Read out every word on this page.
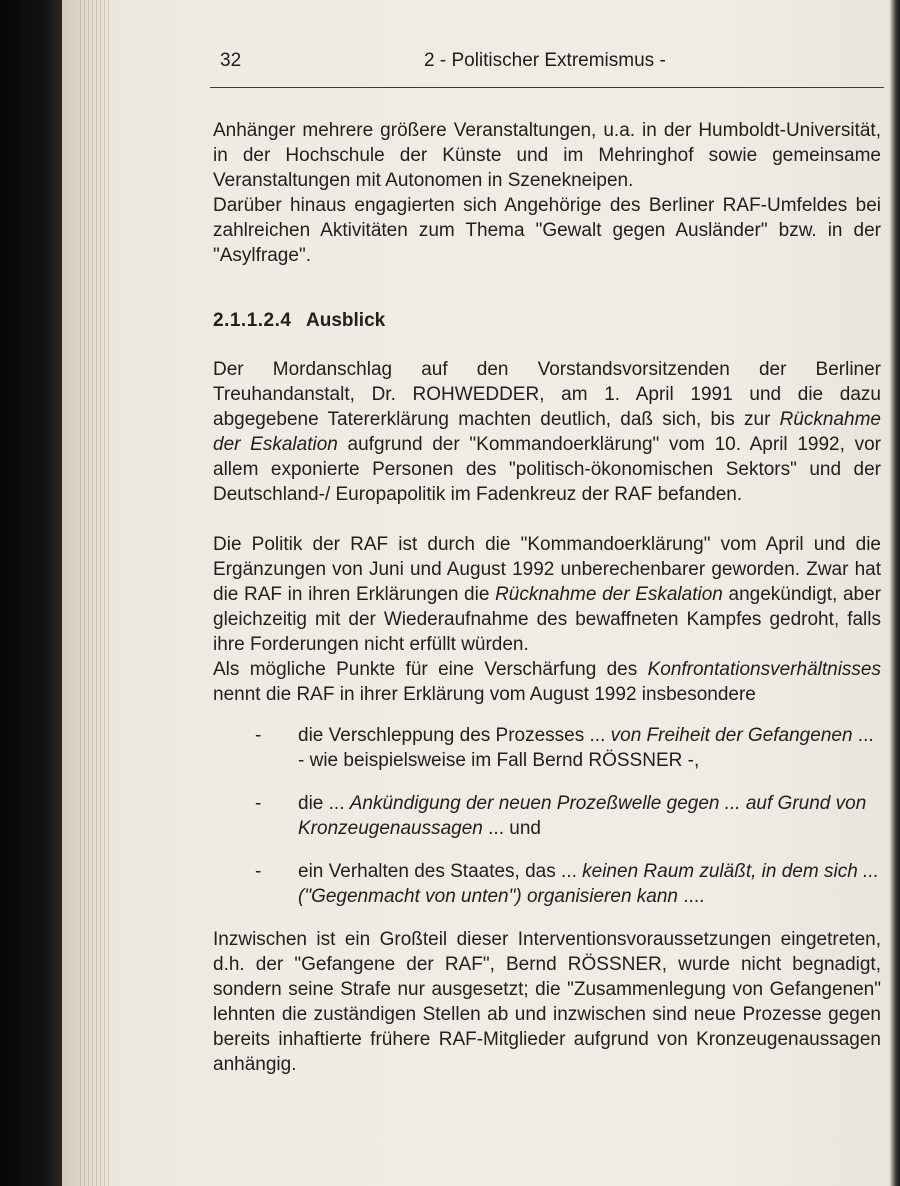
32	2 - Politischer Extremismus -

Anhänger mehrere größere Veranstaltungen, u.a. in der Humboldt-Universität, in der Hochschule der Künste und im Mehringhof sowie gemeinsame Veranstaltungen mit Autonomen in Szenekneipen.

Darüber hinaus engagierten sich Angehörige des Berliner RAF-Umfeldes bei zahlreichen Aktivitäten zum Thema "Gewalt gegen Ausländer" bzw. in der "Asylfrage".

2.1.1.2.4 Ausblick

Der Mordanschlag auf den Vorstandsvorsitzenden der Berliner Treuhandanstalt, Dr. ROHWEDDER, am 1. April 1991 und die dazu abgegebene Tatererklärung machten deutlich, daß sich, bis zur Rücknahme der Eskalation aufgrund der "Kommandoerklärung" vom 10. April 1992, vor allem exponierte Personen des "politisch-ökonomischen Sektors" und der Deutschland-/ Europapolitik im Fadenkreuz der RAF befanden.

Die Politik der RAF ist durch die "Kommandoerklärung" vom April und die Ergänzungen von Juni und August 1992 unberechenbarer geworden. Zwar hat die RAF in ihren Erklärungen die Rücknahme der Eskalation angekündigt, aber gleichzeitig mit der Wiederaufnahme des bewaffneten Kampfes gedroht, falls ihre Forderungen nicht erfüllt würden.

Als mögliche Punkte für eine Verschärfung des Konfrontationsverhältnisses nennt die RAF in ihrer Erklärung vom August 1992 insbesondere

- die Verschleppung des Prozesses ... von Freiheit der Gefangenen ... - wie beispielsweise im Fall Bernd RÖSSNER -,
- die ... Ankündigung der neuen Prozeßwelle gegen ... auf Grund von Kronzeugenaussagen ... und
- ein Verhalten des Staates, das ... keinen Raum zuläßt, in dem sich ... ("Gegenmacht von unten") organisieren kann ....

Inzwischen ist ein Großteil dieser Interventionsvoraussetzungen eingetreten, d.h. der "Gefangene der RAF", Bernd RÖSSNER, wurde nicht begnadigt, sondern seine Strafe nur ausgesetzt; die "Zusammenlegung von Gefangenen" lehnten die zuständigen Stellen ab und inzwischen sind neue Prozesse gegen bereits inhaftierte frühere RAF-Mitglieder aufgrund von Kronzeugenaussagen anhängig.
